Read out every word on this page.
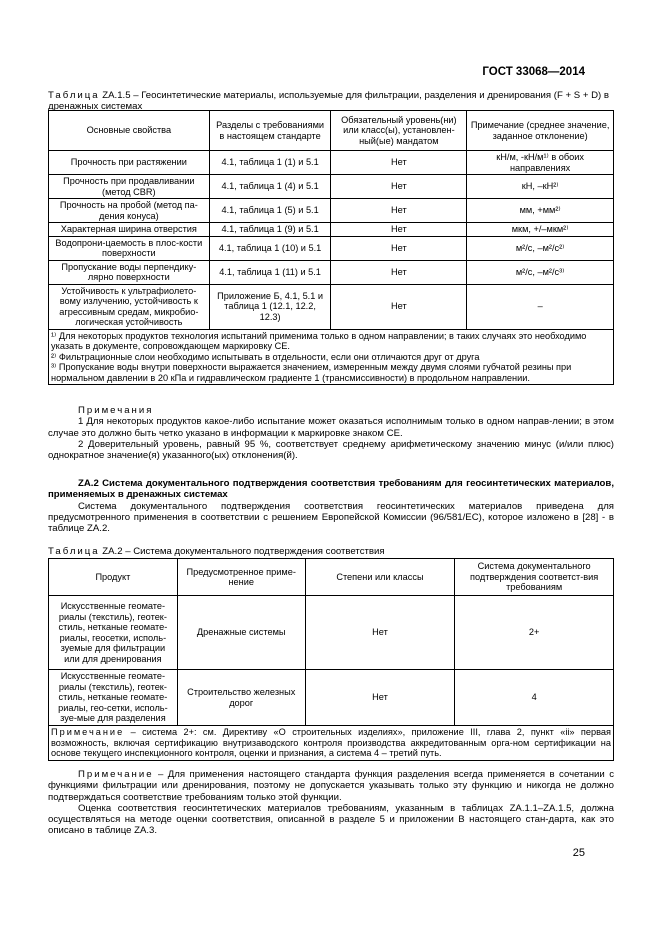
ГОСТ 33068—2014
Таблица ZA.1.5 – Геосинтетические материалы, используемые для фильтрации, разделения и дренирования (F + S + D) в дренажных системах
Основные свойства	Разделы с требованиями в настоящем стандарте	Обязательный уровень(ни) или класс(ы), установлен-ный(ые) мандатом	Примечание (среднее значение, заданное отклонение)
Прочность при растяжении	4.1, таблица 1 (1) и 5.1	Нет	кН/м, -кН/м¹⁾ в обоих направлениях
Прочность при продавливании (метод CBR)	4.1, таблица 1 (4) и 5.1	Нет	кН, –кН²⁾
Прочность на пробой (метод па-дения конуса)	4.1, таблица 1 (5) и 5.1	Нет	мм, +мм²⁾
Характерная ширина отверстия	4.1, таблица 1 (9) и 5.1	Нет	мкм, +/–мкм²⁾
Водопрони-цаемость в плос-кости поверхности	4.1, таблица 1 (10) и 5.1	Нет	м²/с, –м²/с²⁾
Пропускание воды перпендику-лярно поверхности	4.1, таблица 1 (11) и 5.1	Нет	м²/с, –м²/с³⁾
Устойчивость к ультрафиолето-вому излучению, устойчивость к агрессивным средам, микробио-логическая устойчивость	Приложение Б, 4.1, 5.1 и таблица 1 (12.1, 12.2, 12.3)	Нет	–

¹⁾ Для некоторых продуктов технология испытаний применима только в одном направлении; в таких случаях это необходимо указать в документе, сопровождающем маркировку CE.
²⁾ Фильтрационные слои необходимо испытывать в отдельности, если они отличаются друг от друга
³⁾ Пропускание воды внутри поверхности выражается значением, измеренным между двумя слоями губчатой резины при нормальном давлении в 20 кПа и гидравлическом градиенте 1 (трансмиссивности) в продольном направлении.			
Примечания
1 Для некоторых продуктов какое-либо испытание может оказаться исполнимым только в одном направ-лении; в этом случае это должно быть четко указано в информации к маркировке знаком CE.
2 Доверительный уровень, равный 95 %, соответствует среднему арифметическому значению минус (и/или плюс) однократное значение(я) указанного(ых) отклонения(й).
ZA.2 Система документального подтверждения соответствия требованиям для геосинтетических материалов, применяемых в дренажных системах
Система документального подтверждения соответствия геосинтетических материалов приведена для предусмотренного применения в соответствии с решением Европейской Комиссии (96/581/EC), которое изложено в [28] - в таблице ZA.2.
Таблица ZA.2 – Система документального подтверждения соответствия
Продукт	Предусмотренное приме-нение	Степени или классы	Система документального подтверждения соответст-вия требованиям
Искусственные геомате-риалы (текстиль), геотек-стиль, нетканые геомате-риалы, геосетки, исполь-зуемые для фильтрации или для дренирования	Дренажные системы	Нет	2+
Искусственные геомате-риалы (текстиль), геотек-стиль, нетканые геомате-риалы, гео-сетки, исполь-зуе-мые для разделения	Строительство железных дорог	Нет	4
Примечание – система 2+: см. Директиву «О строительных изделиях», приложение III, глава 2, пункт «ii» первая возможность, включая сертификацию внутризаводского контроля производства аккредитованным орга-ном сертификации на основе текущего инспекционного контроля, оценки и признания, а система 4 – третий путь.			
Примечание – Для применения настоящего стандарта функция разделения всегда применяется в сочетании с функциями фильтрации или дренирования, поэтому не допускается указывать только эту функцию и никогда не должно подтверждаться соответствие требованиям только этой функции.
Оценка соответствия геосинтетических материалов требованиям, указанным в таблицах ZA.1.1–ZA.1.5, должна осуществляться на методе оценки соответствия, описанной в разделе 5 и приложении В настоящего стан-дарта, как это описано в таблице ZA.3.
25
